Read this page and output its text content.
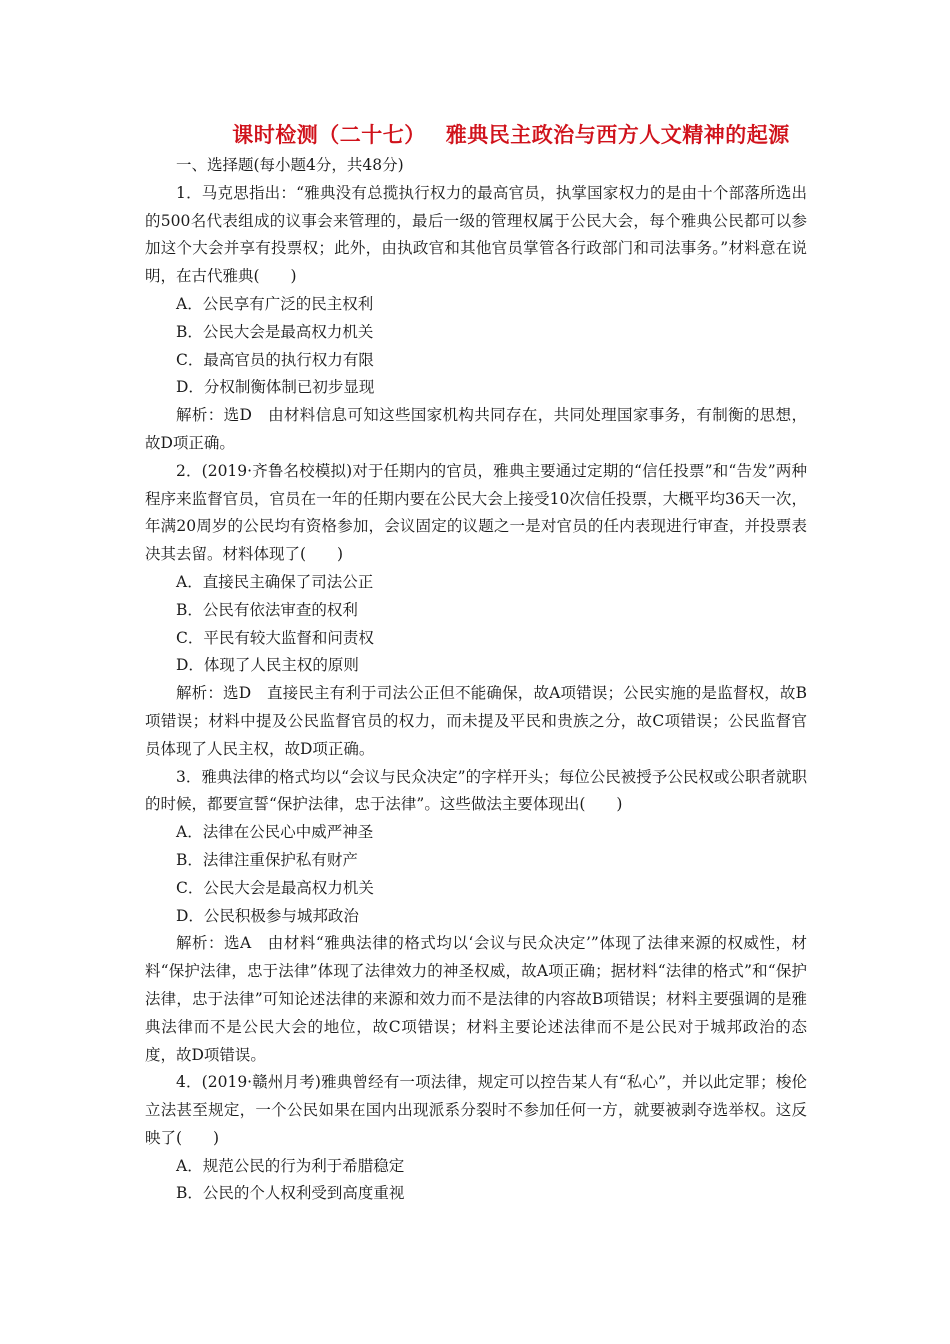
课时检测（二十七） 雅典民主政治与西方人文精神的起源

一、选择题(每小题4分，共48分)

1．马克思指出：“雅典没有总揽执行权力的最高官员，执掌国家权力的是由十个部落所选出的500名代表组成的议事会来管理的，最后一级的管理权属于公民大会，每个雅典公民都可以参加这个大会并享有投票权；此外，由执政官和其他官员掌管各行政部门和司法事务。”材料意在说明，在古代雅典(　　)

A．公民享有广泛的民主权利

B．公民大会是最高权力机关

C．最高官员的执行权力有限

D．分权制衡体制已初步显现

解析：选D　由材料信息可知这些国家机构共同存在，共同处理国家事务，有制衡的思想，故D项正确。

2．(2019·齐鲁名校模拟)对于任期内的官员，雅典主要通过定期的“信任投票”和“告发”两种程序来监督官员，官员在一年的任期内要在公民大会上接受10次信任投票，大概平均36天一次，年满20周岁的公民均有资格参加，会议固定的议题之一是对官员的任内表现进行审查，并投票表决其去留。材料体现了(　　)

A．直接民主确保了司法公正

B．公民有依法审查的权利

C．平民有较大监督和问责权

D．体现了人民主权的原则

解析：选D　直接民主有利于司法公正但不能确保，故A项错误；公民实施的是监督权，故B项错误；材料中提及公民监督官员的权力，而未提及平民和贵族之分，故C项错误；公民监督官员体现了人民主权，故D项正确。

3．雅典法律的格式均以“会议与民众决定”的字样开头；每位公民被授予公民权或公职者就职的时候，都要宣誓“保护法律，忠于法律”。这些做法主要体现出(　　)

A．法律在公民心中威严神圣

B．法律注重保护私有财产

C．公民大会是最高权力机关

D．公民积极参与城邦政治

解析：选A　由材料“雅典法律的格式均以‘会议与民众决定’”体现了法律来源的权威性，材料“保护法律，忠于法律”体现了法律效力的神圣权威，故A项正确；据材料“法律的格式”和“保护法律，忠于法律”可知论述法律的来源和效力而不是法律的内容故B项错误；材料主要强调的是雅典法律而不是公民大会的地位，故C项错误；材料主要论述法律而不是公民对于城邦政治的态度，故D项错误。

4．(2019·赣州月考)雅典曾经有一项法律，规定可以控告某人有“私心”，并以此定罪；梭伦立法甚至规定，一个公民如果在国内出现派系分裂时不参加任何一方，就要被剥夺选举权。这反映了(　　)

A．规范公民的行为利于希腊稳定

B．公民的个人权利受到高度重视
